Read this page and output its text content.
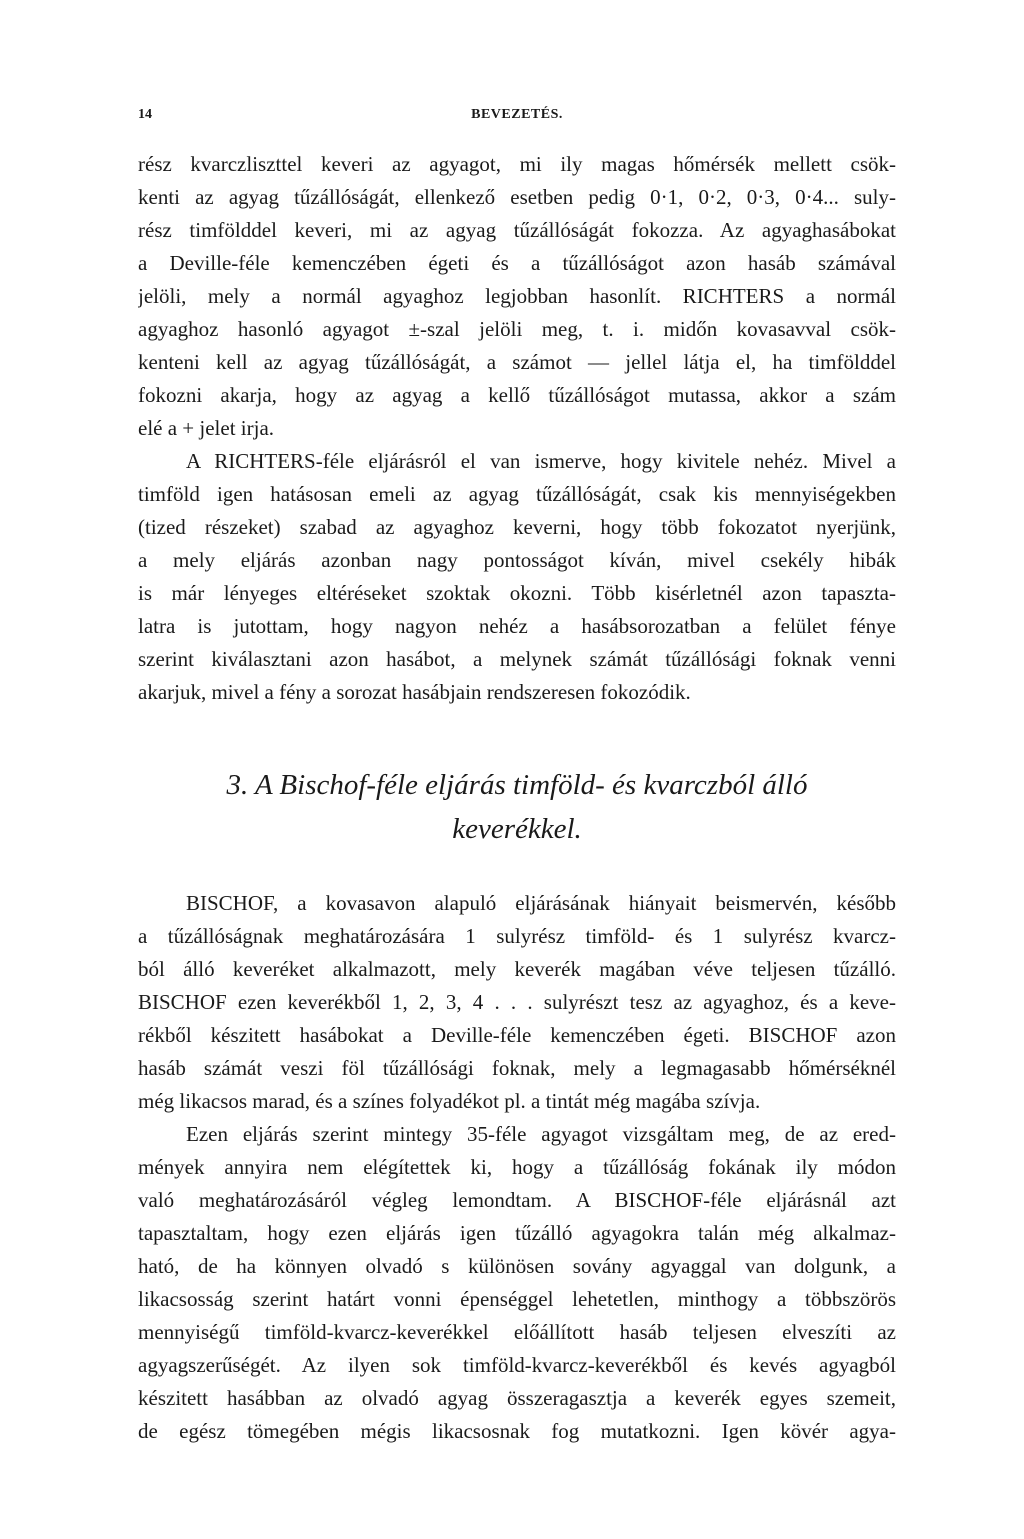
14	BEVEZETÉS.
rész kvarczliszttel keveri az agyagot, mi ily magas hőmérsék mellett csök-
kenti az agyag tűzállóságát, ellenkező esetben pedig 0·1, 0·2, 0·3, 0·4... suly-
rész timfölddel keveri, mi az agyag tűzállóságát fokozza. Az agyaghasábokat
a Deville-féle kemenczében égeti és a tűzállóságot azon hasáb számával
jelöli, mely a normál agyaghoz legjobban hasonlít. RICHTERS a normál
agyaghoz hasonló agyagot ±-szal jelöli meg, t. i. midőn kovasavval csök-
kenteni kell az agyag tűzállóságát, a számot — jellel látja el, ha timfölddel
fokozni akarja, hogy az agyag a kellő tűzállóságot mutassa, akkor a szám
elé a + jelet irja.
A RICHTERS-féle eljárásról el van ismerve, hogy kivitele nehéz. Mivel a
timföld igen hatásosan emeli az agyag tűzállóságát, csak kis mennyiségekben
(tized részeket) szabad az agyaghoz keverni, hogy több fokozatot nyerjünk,
a mely eljárás azonban nagy pontosságot kíván, mivel csekély hibák
is már lényeges eltéréseket szoktak okozni. Több kisérletnél azon tapaszta-
latra is jutottam, hogy nagyon nehéz a hasábsorozatban a felület fénye
szerint kiválasztani azon hasábot, a melynek számát tűzállósági foknak venni
akarjuk, mivel a fény a sorozat hasábjain rendszeresen fokozódik.
3. A Bischof-féle eljárás timföld- és kvarczból álló
keverékkel.
BISCHOF, a kovasavon alapuló eljárásának hiányait beismervén, később
a tűzállóságnak meghatározására 1 sulyrész timföld- és 1 sulyrész kvarcz-
ból álló keveréket alkalmazott, mely keverék magában véve teljesen tűzálló.
BISCHOF ezen keverékből 1, 2, 3, 4 . . . sulyrészt tesz az agyaghoz, és a keve-
rékből készitett hasábokat a Deville-féle kemenczében égeti. BISCHOF azon
hasáb számát veszi föl tűzállósági foknak, mely a legmagasabb hőmérséknél
még likacsos marad, és a színes folyadékot pl. a tintát még magába szívja.
Ezen eljárás szerint mintegy 35-féle agyagot vizsgáltam meg, de az ered-
mények annyira nem elégítettek ki, hogy a tűzállóság fokának ily módon
való meghatározásáról végleg lemondtam. A BISCHOF-féle eljárásnál azt
tapasztaltam, hogy ezen eljárás igen tűzálló agyagokra talán még alkalmaz-
ható, de ha könnyen olvadó s különösen sovány agyaggal van dolgunk, a
likacsosság szerint határt vonni épenséggel lehetetlen, minthogy a többszörös
mennyiségű timföld-kvarcz-keverékkel előállított hasáb teljesen elveszíti az
agyagszerűségét. Az ilyen sok timföld-kvarcz-keverékből és kevés agyagból
készitett hasábban az olvadó agyag összeragasztja a keverék egyes szemeit,
de egész tömegében mégis likacsosnak fog mutatkozni. Igen kövér agya-
